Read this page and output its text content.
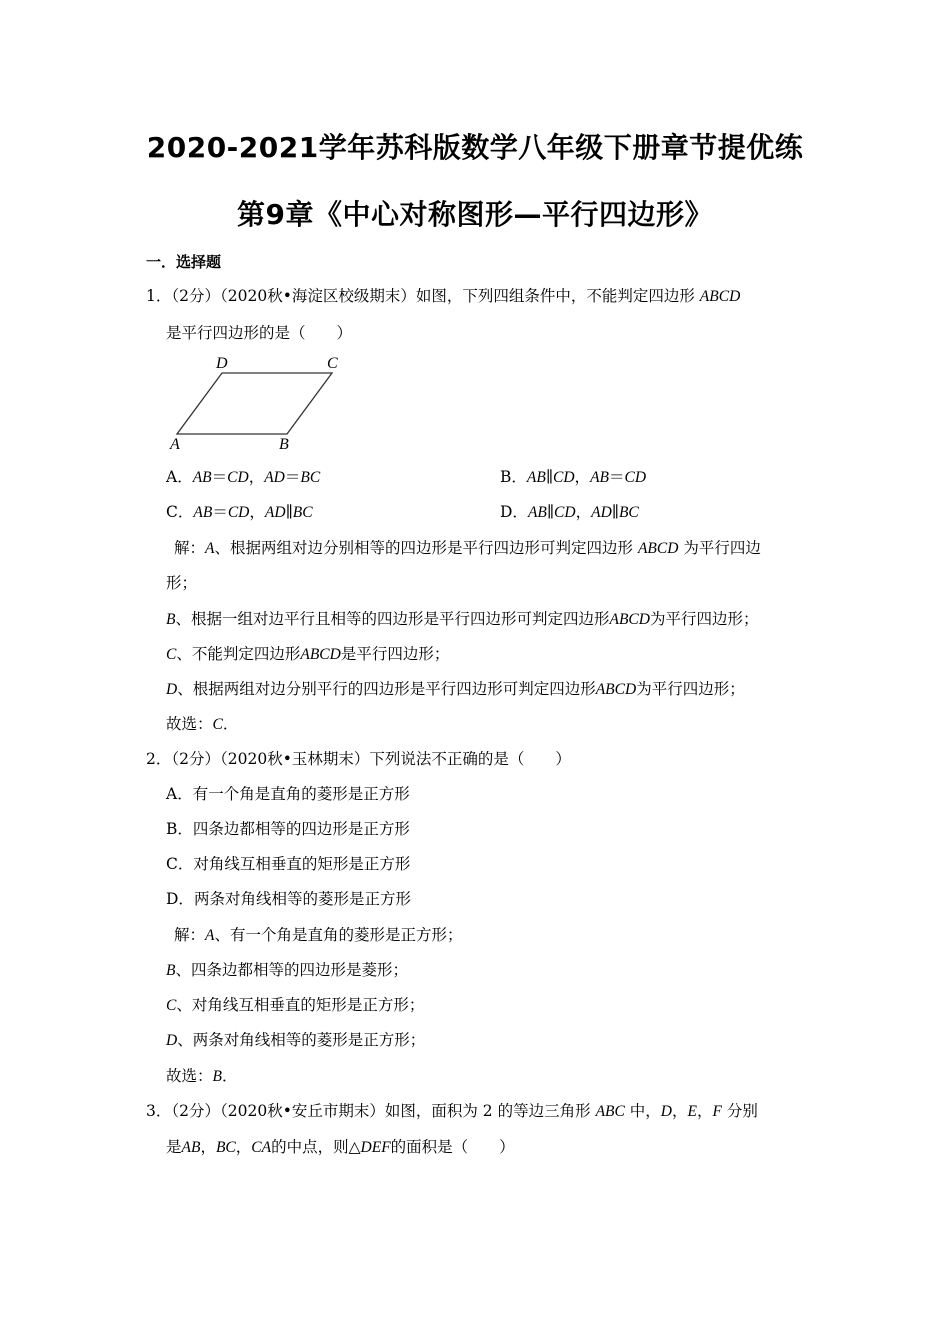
2020-2021学年苏科版数学八年级下册章节提优练
第9章《中心对称图形—平行四边形》
一．选择题
1．（2分）（2020秋•海淀区校级期末）如图，下列四组条件中，不能判定四边形 ABCD
是平行四边形的是（　　）
D	C
A	B
A．AB＝CD，AD＝BC	B．AB∥CD，AB＝CD
C．AB＝CD，AD∥BC	D．AB∥CD，AD∥BC
解：A、根据两组对边分别相等的四边形是平行四边形可判定四边形 ABCD 为平行四边
形；
B、根据一组对边平行且相等的四边形是平行四边形可判定四边形ABCD为平行四边形；
C、不能判定四边形ABCD是平行四边形；
D、根据两组对边分别平行的四边形是平行四边形可判定四边形ABCD为平行四边形；
故选：C．
2．（2分）（2020秋•玉林期末）下列说法不正确的是（　　）
A．有一个角是直角的菱形是正方形
B．四条边都相等的四边形是正方形
C．对角线互相垂直的矩形是正方形
D．两条对角线相等的菱形是正方形
解：A、有一个角是直角的菱形是正方形；
B、四条边都相等的四边形是菱形；
C、对角线互相垂直的矩形是正方形；
D、两条对角线相等的菱形是正方形；
故选：B．
3．（2分）（2020秋•安丘市期末）如图，面积为 2 的等边三角形 ABC 中，D，E，F 分别
是AB，BC，CA的中点，则△DEF的面积是（　　）
